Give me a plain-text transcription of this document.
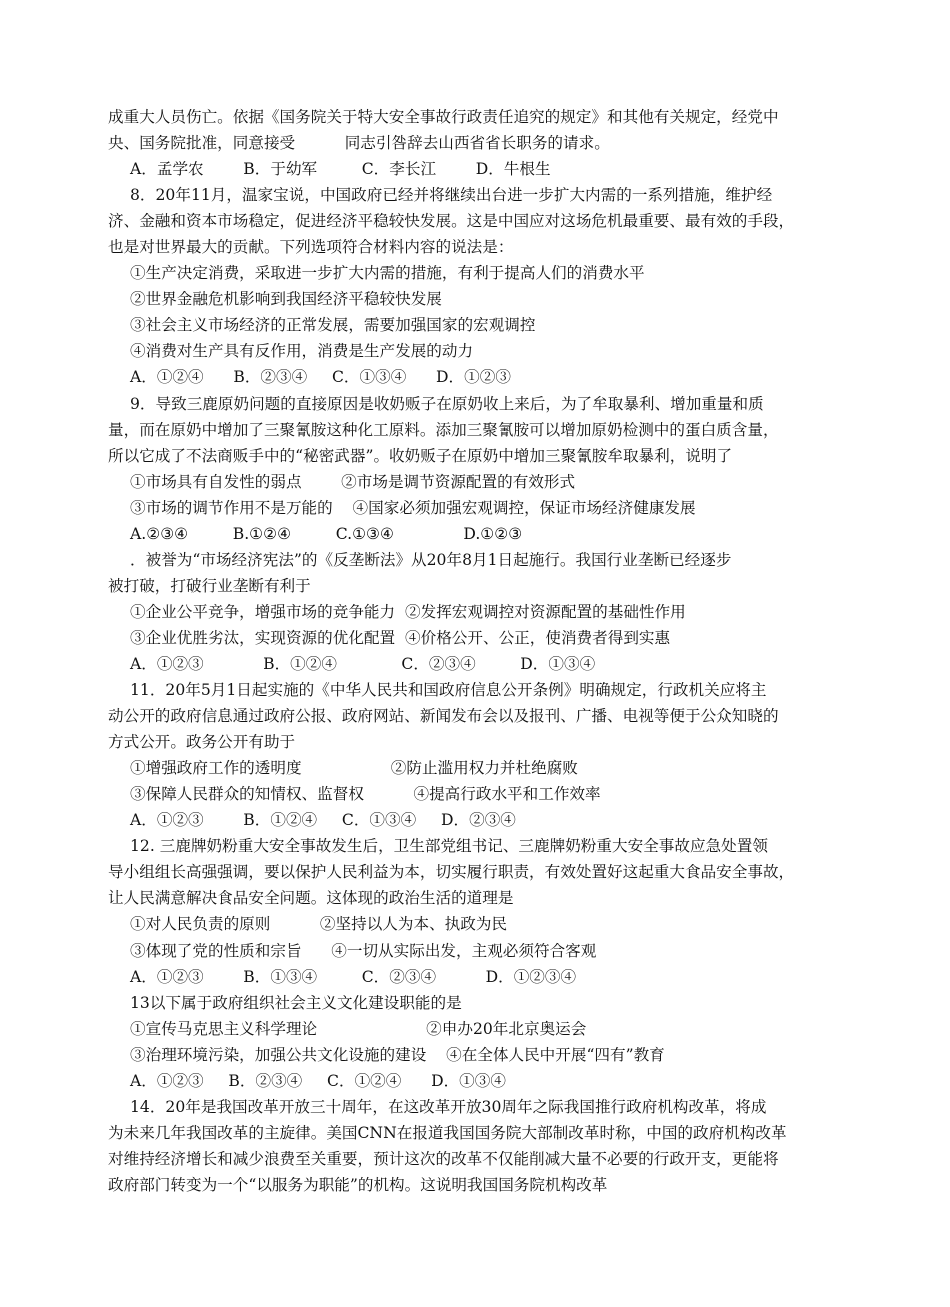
成重大人员伤亡。依据《国务院关于特大安全事故行政责任追究的规定》和其他有关规定，经党中
央、国务院批准，同意接受          同志引咎辞去山西省省长职务的请求。
A．孟学农        B．于幼军         C．李长江        D．牛根生
8．20年11月，温家宝说，中国政府已经并将继续出台进一步扩大内需的一系列措施，维护经
济、金融和资本市场稳定，促进经济平稳较快发展。这是中国应对这场危机最重要、最有效的手段，
也是对世界最大的贡献。下列选项符合材料内容的说法是：
①生产决定消费，采取进一步扩大内需的措施，有利于提高人们的消费水平
②世界金融危机影响到我国经济平稳较快发展
③社会主义市场经济的正常发展，需要加强国家的宏观调控
④消费对生产具有反作用，消费是生产发展的动力
A．①②④      B．②③④     C．①③④      D．①②③
9．导致三鹿原奶问题的直接原因是收奶贩子在原奶收上来后，为了牟取暴利、增加重量和质
量，而在原奶中增加了三聚氰胺这种化工原料。添加三聚氰胺可以增加原奶检测中的蛋白质含量，
所以它成了不法商贩手中的“秘密武器”。收奶贩子在原奶中增加三聚氰胺牟取暴利，说明了
①市场具有自发性的弱点        ②市场是调节资源配置的有效形式
③市场的调节作用不是万能的    ④国家必须加强宏观调控，保证市场经济健康发展
A.②③④         B.①②④         C.①③④              D.①②③
．被誉为“市场经济宪法”的《反垄断法》从20年8月1日起施行。我国行业垄断已经逐步
被打破，打破行业垄断有利于
①企业公平竞争，增强市场的竞争能力  ②发挥宏观调控对资源配置的基础性作用
③企业优胜劣汰，实现资源的优化配置  ④价格公开、公正，使消费者得到实惠
A．①②③            B．①②④             C．②③④         D．①③④
11．20年5月1日起实施的《中华人民共和国政府信息公开条例》明确规定，行政机关应将主
动公开的政府信息通过政府公报、政府网站、新闻发布会以及报刊、广播、电视等便于公众知晓的
方式公开。政务公开有助于
①增强政府工作的透明度                  ②防止滥用权力并杜绝腐败
③保障人民群众的知情权、监督权          ④提高行政水平和工作效率
A．①②③        B．①②④     C．①③④     D．②③④
12. 三鹿牌奶粉重大安全事故发生后，卫生部党组书记、三鹿牌奶粉重大安全事故应急处置领
导小组组长高强强调，要以保护人民利益为本，切实履行职责，有效处置好这起重大食品安全事故，
让人民满意解决食品安全问题。这体现的政治生活的道理是
①对人民负责的原则          ②坚持以人为本、执政为民
③体现了党的性质和宗旨      ④一切从实际出发，主观必须符合客观
A．①②③        B．①③④         C．②③④          D．①②③④
13以下属于政府组织社会主义文化建设职能的是
①宣传马克思主义科学理论                      ②申办20年北京奥运会
③治理环境污染，加强公共文化设施的建设    ④在全体人民中开展“四有”教育
A．①②③     B．②③④     C．①②④      D．①③④
14．20年是我国改革开放三十周年，在这改革开放30周年之际我国推行政府机构改革，将成
为未来几年我国改革的主旋律。美国CNN在报道我国国务院大部制改革时称，中国的政府机构改革
对维持经济增长和减少浪费至关重要，预计这次的改革不仅能削减大量不必要的行政开支，更能将
政府部门转变为一个“以服务为职能”的机构。这说明我国国务院机构改革
